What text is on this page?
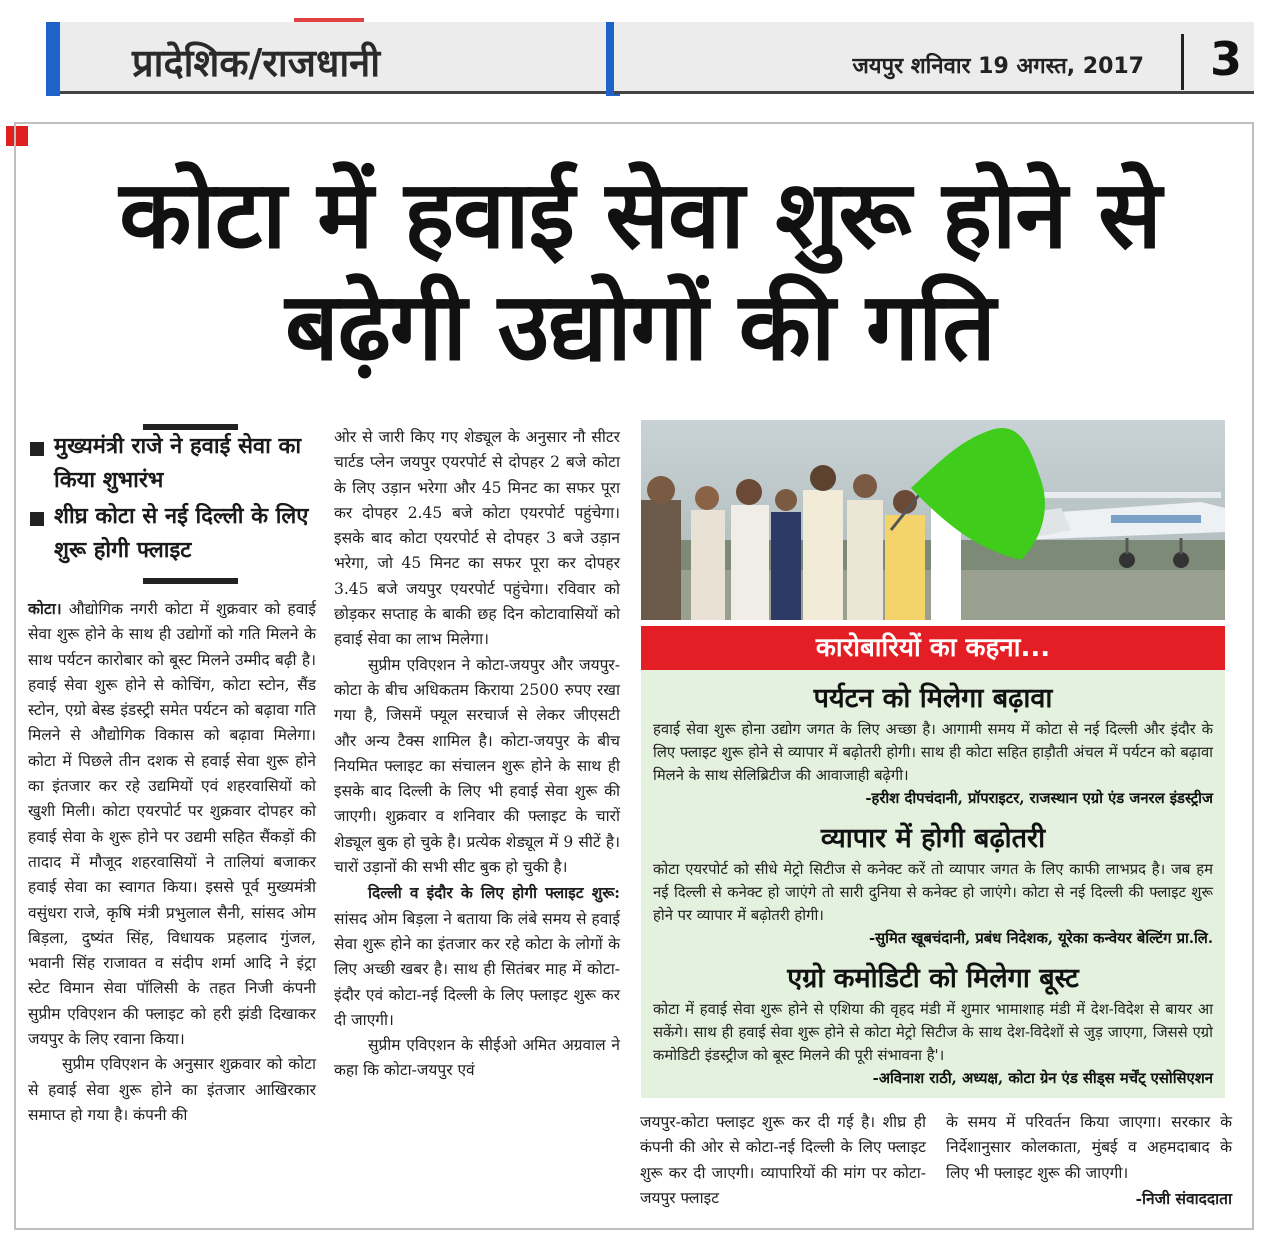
प्रादेशिक/राजधानी	जयपुर शनिवार 19 अगस्त, 2017 3
कोटा में हवाई सेवा शुरू होने से बढ़ेगी उद्योगों की गति
मुख्यमंत्री राजे ने हवाई सेवा का किया शुभारंभ
शीघ्र कोटा से नई दिल्ली के लिए शुरू होगी फ्लाइट

कोटा। औद्योगिक नगरी कोटा में शुक्रवार को हवाई सेवा शुरू होने के साथ ही उद्योगों को गति मिलने के साथ पर्यटन कारोबार को बूस्ट मिलने उम्मीद बढ़ी है। हवाई सेवा शुरू होने से कोचिंग, कोटा स्टोन, सैंड स्टोन, एग्रो बेस्ड इंडस्ट्री समेत पर्यटन को बढ़ावा गति मिलने से औद्योगिक विकास को बढ़ावा मिलेगा। कोटा में पिछले तीन दशक से हवाई सेवा शुरू होने का इंतजार कर रहे उद्यमियों एवं शहरवासियों को खुशी मिली। कोटा एयरपोर्ट पर शुक्रवार दोपहर को हवाई सेवा के शुरू होने पर उद्यमी सहित सैंकड़ों की तादाद में मौजूद शहरवासियों ने तालियां बजाकर हवाई सेवा का स्वागत किया। इससे पूर्व मुख्यमंत्री वसुंधरा राजे, कृषि मंत्री प्रभुलाल सैनी, सांसद ओम बिड़ला, दुष्यंत सिंह, विधायक प्रहलाद गुंजल, भवानी सिंह राजावत व संदीप शर्मा आदि ने इंट्रा स्टेट विमान सेवा पॉलिसी के तहत निजी कंपनी सुप्रीम एविएशन की फ्लाइट को हरी झंडी दिखाकर जयपुर के लिए रवाना किया।

सुप्रीम एविएशन के अनुसार शुक्रवार को कोटा से हवाई सेवा शुरू होने का इंतजार आखिरकार समाप्त हो गया है। कंपनी की

ओर से जारी किए गए शेड्यूल के अनुसार नौ सीटर चार्टड प्लेन जयपुर एयरपोर्ट से दोपहर 2 बजे कोटा के लिए उड़ान भरेगा और 45 मिनट का सफर पूरा कर दोपहर 2.45 बजे कोटा एयरपोर्ट पहुंचेगा। इसके बाद कोटा एयरपोर्ट से दोपहर 3 बजे उड़ान भरेगा, जो 45 मिनट का सफर पूरा कर दोपहर 3.45 बजे जयपुर एयरपोर्ट पहुंचेगा। रविवार को छोड़कर सप्ताह के बाकी छह दिन कोटावासियों को हवाई सेवा का लाभ मिलेगा।

सुप्रीम एविएशन ने कोटा-जयपुर और जयपुर-कोटा के बीच अधिकतम किराया 2500 रुपए रखा गया है, जिसमें फ्यूल सरचार्ज से लेकर जीएसटी और अन्य टैक्स शामिल है। कोटा-जयपुर के बीच नियमित फ्लाइट का संचालन शुरू होने के साथ ही इसके बाद दिल्ली के लिए भी हवाई सेवा शुरू की जाएगी। शुक्रवार व शनिवार की फ्लाइट के चारों शेड्यूल बुक हो चुके है। प्रत्येक शेड्यूल में 9 सीटें है। चारों उड़ानों की सभी सीट बुक हो चुकी है।

दिल्ली व इंदौर के लिए होगी फ्लाइट शुरू: सांसद ओम बिड़ला ने बताया कि लंबे समय से हवाई सेवा शुरू होने का इंतजार कर रहे कोटा के लोगों के लिए अच्छी खबर है। साथ ही सितंबर माह में कोटा-इंदौर एवं कोटा-नई दिल्ली के लिए फ्लाइट शुरू कर दी जाएगी।

सुप्रीम एविएशन के सीईओ अमित अग्रवाल ने कहा कि कोटा-जयपुर एवं

कारोबारियों का कहना...
पर्यटन को मिलेगा बढ़ावा
हवाई सेवा शुरू होना उद्योग जगत के लिए अच्छा है। आगामी समय में कोटा से नई दिल्ली और इंदौर के लिए फ्लाइट शुरू होने से व्यापार में बढ़ोतरी होगी। साथ ही कोटा सहित हाड़ौती अंचल में पर्यटन को बढ़ावा मिलने के साथ सेलिब्रिटीज की आवाजाही बढ़ेगी।
-हरीश दीपचंदानी, प्रॉपराइटर, राजस्थान एग्रो एंड जनरल इंडस्ट्रीज
व्यापार में होगी बढ़ोतरी
कोटा एयरपोर्ट को सीधे मेट्रो सिटीज से कनेक्ट करें तो व्यापार जगत के लिए काफी लाभप्रद है। जब हम नई दिल्ली से कनेक्ट हो जाएंगे तो सारी दुनिया से कनेक्ट हो जाएंगे। कोटा से नई दिल्ली की फ्लाइट शुरू होने पर व्यापार में बढ़ोतरी होगी।
-सुमित खूबचंदानी, प्रबंध निदेशक, यूरेका कन्वेयर बेल्टिंग प्रा.लि.
एग्रो कमोडिटी को मिलेगा बूस्ट
कोटा में हवाई सेवा शुरू होने से एशिया की वृहद मंडी में शुमार भामाशाह मंडी में देश-विदेश से बायर आ सकेंगे। साथ ही हवाई सेवा शुरू होने से कोटा मेट्रो सिटीज के साथ देश-विदेशों से जुड़ जाएगा, जिससे एग्रो कमोडिटी इंडस्ट्रीज को बूस्ट मिलने की पूरी संभावना है'।
-अविनाश राठी, अध्यक्ष, कोटा ग्रेन एंड सीड्स मर्चेंट् एसोसिएशन

जयपुर-कोटा फ्लाइट शुरू कर दी गई है। शीघ्र ही कंपनी की ओर से कोटा-नई दिल्ली के लिए फ्लाइट शुरू कर दी जाएगी। व्यापारियों की मांग पर कोटा-जयपुर फ्लाइट

के समय में परिवर्तन किया जाएगा। सरकार के निर्देशानुसार कोलकाता, मुंबई व अहमदाबाद के लिए भी फ्लाइट शुरू की जाएगी।

-निजी संवाददाता
